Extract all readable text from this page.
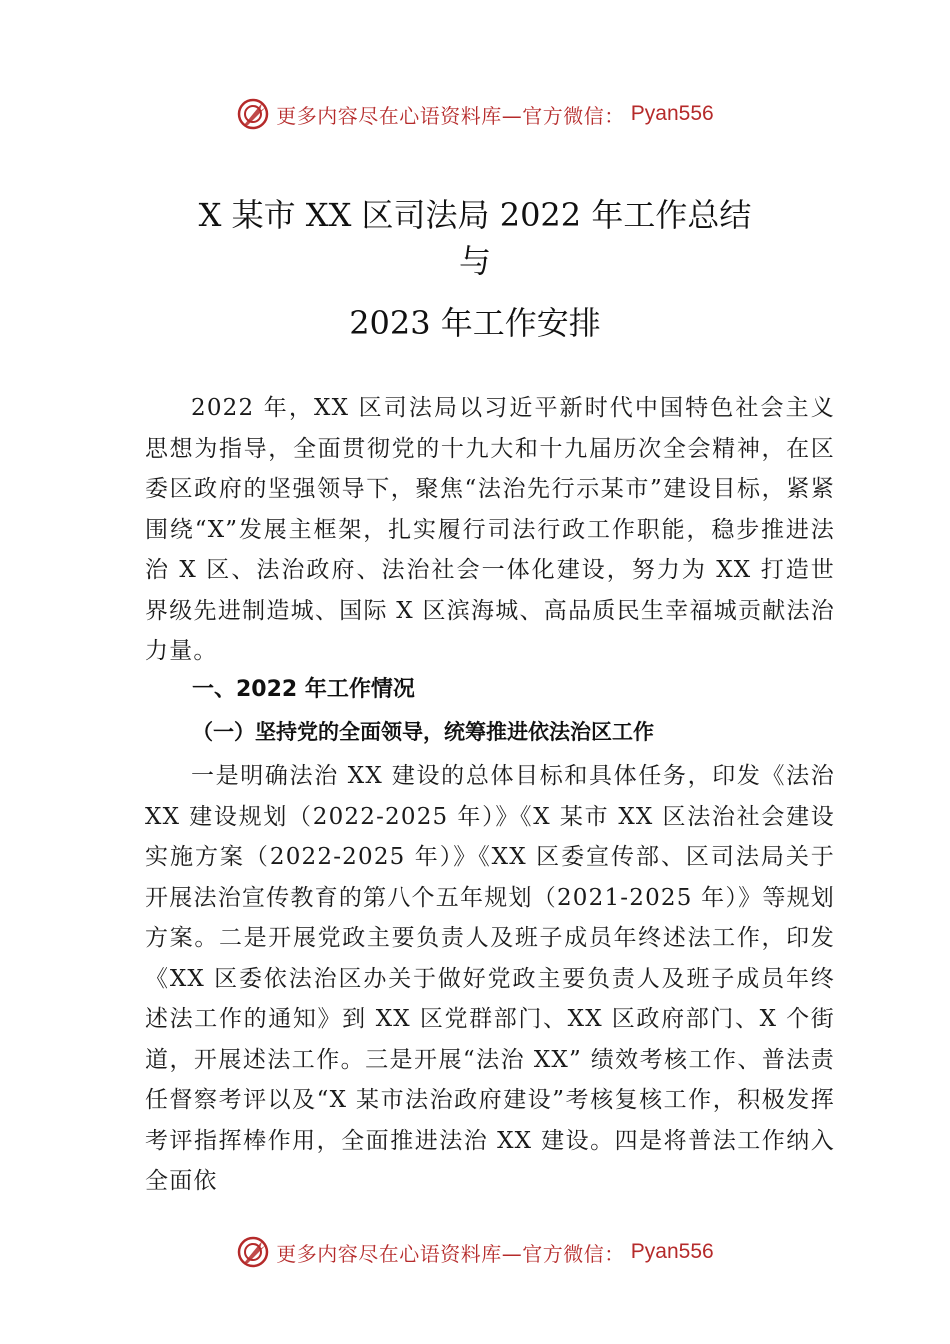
更多内容尽在心语资料库—官方微信： Pyan556
X 某市 XX 区司法局 2022 年工作总结
与
2023 年工作安排

2022 年，XX 区司法局以习近平新时代中国特色社会主义思想为指导，全面贯彻党的十九大和十九届历次全会精神，在区委区政府的坚强领导下，聚焦“法治先行示某市”建设目标，紧紧围绕“X”发展主框架，扎实履行司法行政工作职能，稳步推进法治 X 区、法治政府、法治社会一体化建设，努力为 XX 打造世界级先进制造城、国际 X 区滨海城、高品质民生幸福城贡献法治力量。

一、2022 年工作情况
（一）坚持党的全面领导，统筹推进依法治区工作

一是明确法治 XX 建设的总体目标和具体任务，印发《法治 XX 建设规划（2022-2025 年）》《X 某市 XX 区法治社会建设实施方案（2022-2025 年）》《XX 区委宣传部、区司法局关于开展法治宣传教育的第八个五年规划（2021-2025 年）》等规划方案。二是开展党政主要负责人及班子成员年终述法工作，印发《XX 区委依法治区办关于做好党政主要负责人及班子成员年终述法工作的通知》到 XX 区党群部门、XX 区政府部门、X 个街道，开展述法工作。三是开展“法治 XX” 绩效考核工作、普法责任督察考评以及“X 某市法治政府建设”考核复核工作，积极发挥考评指挥棒作用，全面推进法治 XX 建设。四是将普法工作纳入全面依

更多内容尽在心语资料库—官方微信： Pyan556
